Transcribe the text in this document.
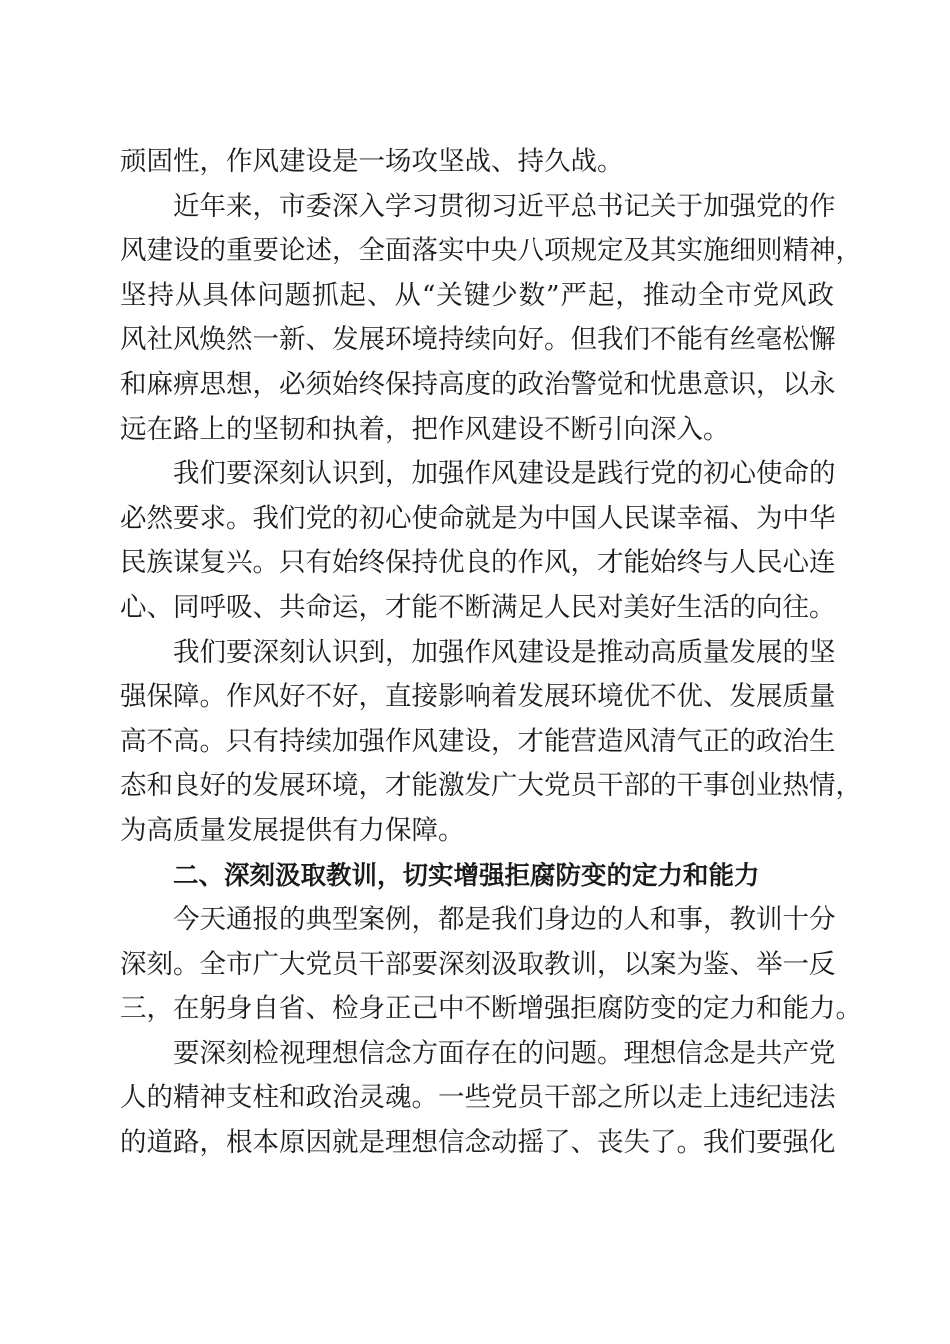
顽固性，作风建设是一场攻坚战、持久战。
近年来，市委深入学习贯彻习近平总书记关于加强党的作
风建设的重要论述，全面落实中央八项规定及其实施细则精神，
坚持从具体问题抓起、从“关键少数”严起，推动全市党风政
风社风焕然一新、发展环境持续向好。但我们不能有丝毫松懈
和麻痹思想，必须始终保持高度的政治警觉和忧患意识，以永
远在路上的坚韧和执着，把作风建设不断引向深入。
我们要深刻认识到，加强作风建设是践行党的初心使命的
必然要求。我们党的初心使命就是为中国人民谋幸福、为中华
民族谋复兴。只有始终保持优良的作风，才能始终与人民心连
心、同呼吸、共命运，才能不断满足人民对美好生活的向往。
我们要深刻认识到，加强作风建设是推动高质量发展的坚
强保障。作风好不好，直接影响着发展环境优不优、发展质量
高不高。只有持续加强作风建设，才能营造风清气正的政治生
态和良好的发展环境，才能激发广大党员干部的干事创业热情，
为高质量发展提供有力保障。
二、深刻汲取教训，切实增强拒腐防变的定力和能力
今天通报的典型案例，都是我们身边的人和事，教训十分
深刻。全市广大党员干部要深刻汲取教训，以案为鉴、举一反
三，在躬身自省、检身正己中不断增强拒腐防变的定力和能力。
要深刻检视理想信念方面存在的问题。理想信念是共产党
人的精神支柱和政治灵魂。一些党员干部之所以走上违纪违法
的道路，根本原因就是理想信念动摇了、丧失了。我们要强化
